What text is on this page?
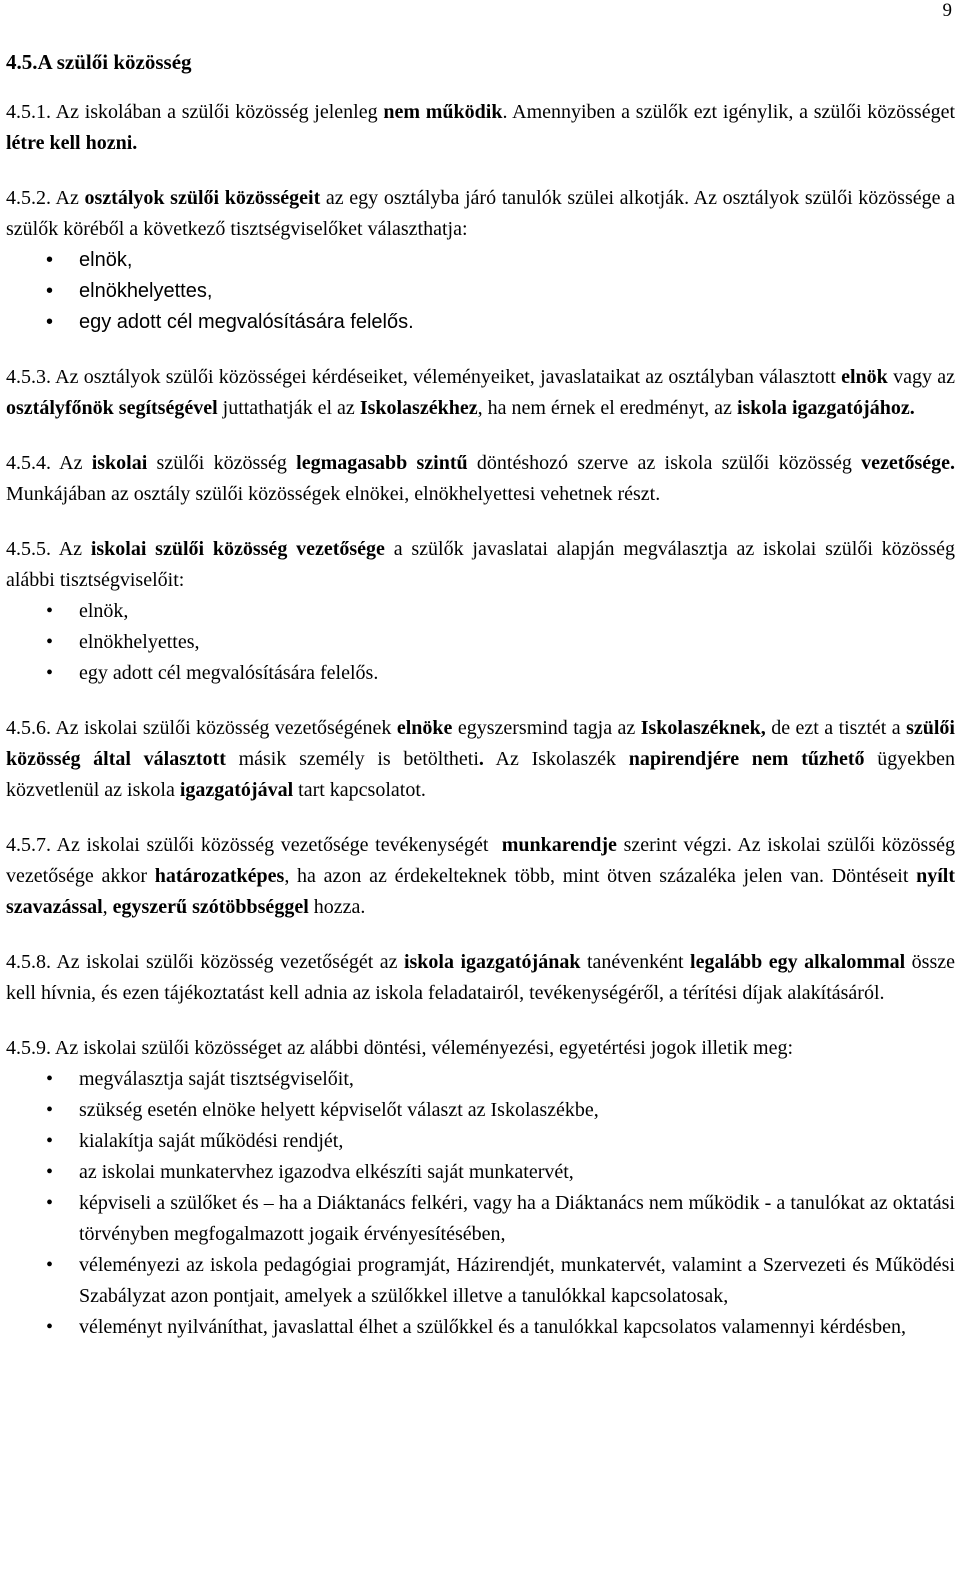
9
4.5.A szülői közösség

4.5.1. Az iskolában a szülői közösség jelenleg nem működik. Amennyiben a szülők ezt igénylik, a szülői közösséget létre kell hozni.

4.5.2. Az osztályok szülői közösségeit az egy osztályba járó tanulók szülei alkotják. Az osztályok szülői közössége a szülők köréből a következő tisztségviselőket választhatja:

• elnök,
• elnökhelyettes,
• egy adott cél megvalósítására felelős.

4.5.3. Az osztályok szülői közösségei kérdéseiket, véleményeiket, javaslataikat az osztályban választott elnök vagy az osztályfőnök segítségével juttathatják el az Iskolaszékhez, ha nem érnek el eredményt, az iskola igazgatójához.

4.5.4. Az iskolai szülői közösség legmagasabb szintű döntéshozó szerve az iskola szülői közösség vezetősége. Munkájában az osztály szülői közösségek elnökei, elnökhelyettesi vehetnek részt.

4.5.5. Az iskolai szülői közösség vezetősége a szülők javaslatai alapján megválasztja az iskolai szülői közösség alábbi tisztségviselőit:

• elnök,
• elnökhelyettes,
• egy adott cél megvalósítására felelős.

4.5.6. Az iskolai szülői közösség vezetőségének elnöke egyszersmind tagja az Iskolaszéknek, de ezt a tisztét a szülői közösség által választott másik személy is betöltheti. Az Iskolaszék napirendjére nem tűzhető ügyekben közvetlenül az iskola igazgatójával tart kapcsolatot.

4.5.7. Az iskolai szülői közösség vezetősége tevékenységét  munkarendje szerint végzi. Az iskolai szülői közösség vezetősége akkor határozatképes, ha azon az érdekelteknek több, mint ötven százaléka jelen van. Döntéseit nyílt szavazással, egyszerű szótöbbséggel hozza.

4.5.8. Az iskolai szülői közösség vezetőségét az iskola igazgatójának tanévenként legalább egy alkalommal össze kell hívnia, és ezen tájékoztatást kell adnia az iskola feladatairól, tevékenységéről, a térítési díjak alakításáról.

4.5.9. Az iskolai szülői közösséget az alábbi döntési, véleményezési, egyetértési jogok illetik meg:

• megválasztja saját tisztségviselőit,
• szükség esetén elnöke helyett képviselőt választ az Iskolaszékbe,
• kialakítja saját működési rendjét,
• az iskolai munkatervhez igazodva elkészíti saját munkatervét,
• képviseli a szülőket és – ha a Diáktanács felkéri, vagy ha a Diáktanács nem működik - a tanulókat az oktatási törvényben megfogalmazott jogaik érvényesítésében,
• véleményezi az iskola pedagógiai programját, Házirendjét, munkatervét, valamint a Szervezeti és Működési Szabályzat azon pontjait, amelyek a szülőkkel illetve a tanulókkal kapcsolatosak,
• véleményt nyilváníthat, javaslattal élhet a szülőkkel és a tanulókkal kapcsolatos valamennyi kérdésben,
